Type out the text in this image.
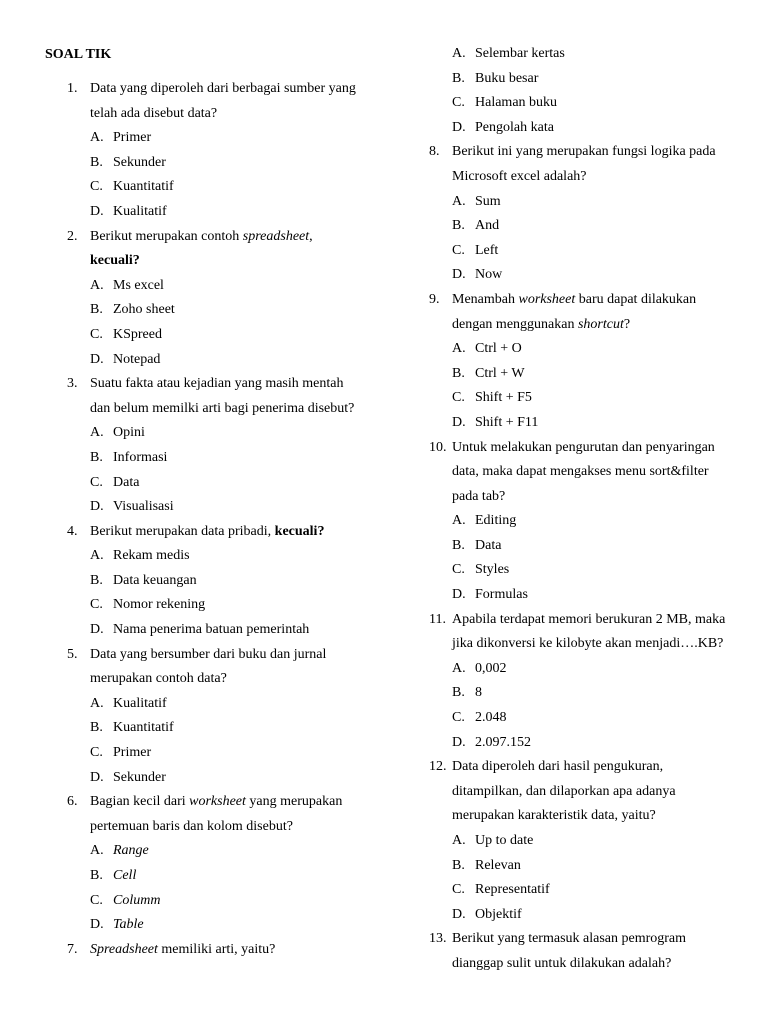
SOAL TIK
1. Data yang diperoleh dari berbagai sumber yang
telah ada disebut data?
A. Primer
B. Sekunder
C. Kuantitatif
D. Kualitatif
2. Berikut merupakan contoh spreadsheet,
kecuali?
A. Ms excel
B. Zoho sheet
C. KSpreed
D. Notepad
3. Suatu fakta atau kejadian yang masih mentah
dan belum memilki arti bagi penerima disebut?
A. Opini
B. Informasi
C. Data
D. Visualisasi
4. Berikut merupakan data pribadi, kecuali?
A. Rekam medis
B. Data keuangan
C. Nomor rekening
D. Nama penerima batuan pemerintah
5. Data yang bersumber dari buku dan jurnal
merupakan contoh data?
A. Kualitatif
B. Kuantitatif
C. Primer
D. Sekunder
6. Bagian kecil dari worksheet yang merupakan
pertemuan baris dan kolom disebut?
A. Range
B. Cell
C. Columm
D. Table
7. Spreadsheet memiliki arti, yaitu?
A. Selembar kertas
B. Buku besar
C. Halaman buku
D. Pengolah kata
8. Berikut ini yang merupakan fungsi logika pada
Microsoft excel adalah?
A. Sum
B. And
C. Left
D. Now
9. Menambah worksheet baru dapat dilakukan
dengan menggunakan shortcut?
A. Ctrl + O
B. Ctrl + W
C. Shift + F5
D. Shift + F11
10. Untuk melakukan pengurutan dan penyaringan
data, maka dapat mengakses menu sort&filter
pada tab?
A. Editing
B. Data
C. Styles
D. Formulas
11. Apabila terdapat memori berukuran 2 MB, maka
jika dikonversi ke kilobyte akan menjadi….KB?
A. 0,002
B. 8
C. 2.048
D. 2.097.152
12. Data diperoleh dari hasil pengukuran,
ditampilkan, dan dilaporkan apa adanya
merupakan karakteristik data, yaitu?
A. Up to date
B. Relevan
C. Representatif
D. Objektif
13. Berikut yang termasuk alasan pemrogram
dianggap sulit untuk dilakukan adalah?
